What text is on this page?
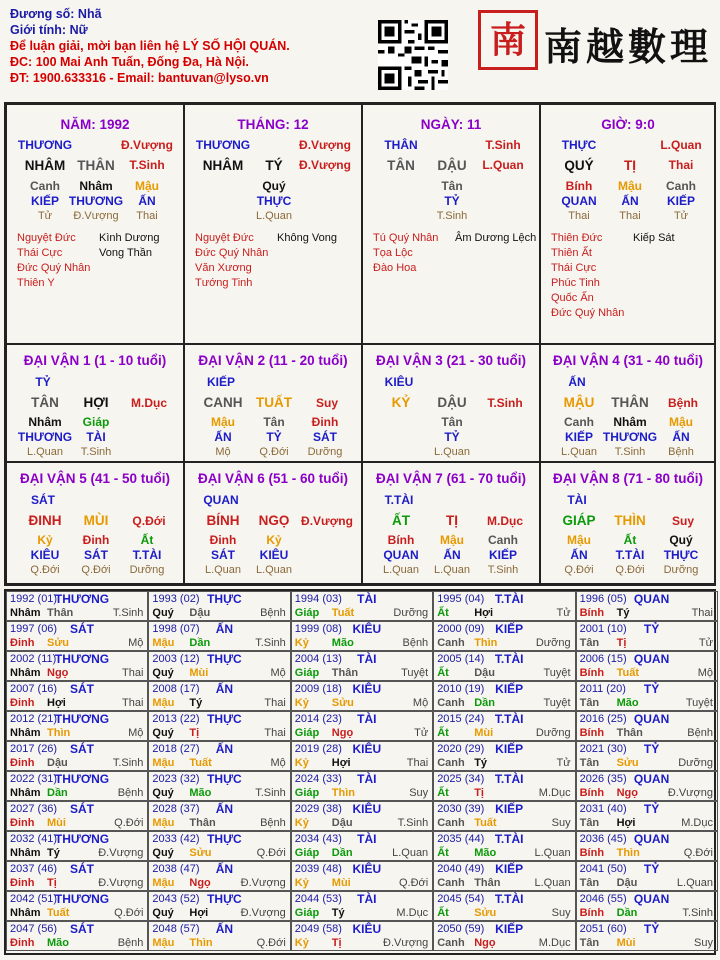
Đương số: Nhã
Giới tính: Nữ
Để luận giải, mời bạn liên hệ LÝ SỐ HỘI QUÁN.
ĐC: 100 Mai Anh Tuấn, Đống Đa, Hà Nội.
ĐT: 1900.633316 - Email: bantuvan@lyso.vn
南 南越數理
NĂM: 1992
THƯƠNG	Đ.Vượng
NHÂM THÂN T.Sinh
Canh Nhâm Mậu
KIẾP THƯƠNG ẤN
Tử Đ.Vượng Thai
Nguyệt Đức
Thái Cực
Đức Quý Nhân
Thiên Y
Kình Dương
Vong Thần
THÁNG: 12
THƯƠNG	Đ.Vượng
NHÂM TÝ Đ.Vượng
Quý
THỰC
L.Quan
Nguyệt Đức
Đức Quý Nhân
Văn Xương
Tướng Tinh
Không Vong
NGÀY: 11
THÂN	T.Sinh
TÂN DẬU L.Quan
Tân
TỶ
T.Sinh
Tú Quý Nhân
Tọa Lộc
Đào Hoa
Âm Dương Lệch
GIỜ: 9:0
THỰC	L.Quan
QUÝ TỊ	Thai
Bính Mậu Canh
QUAN ẤN KIẾP
Thai	Thai	Tử
Thiên Đức
Thiên Ất
Thái Cực
Phúc Tinh
Quốc Ấn
Đức Quý Nhân
Kiếp Sát
ĐẠI VẬN 1 (1 - 10 tuổi)
TỶ
TÂN HỢI M.Dục
Nhâm Giáp
THƯƠNG TÀI
L.Quan T.Sinh
ĐẠI VẬN 2 (11 - 20 tuổi)
KIẾP
CANH TUẤT Suy
Mậu Tân Đinh
ẤN	TỶ	SÁT
Mộ	Q.Đới Dưỡng
ĐẠI VẬN 3 (21 - 30 tuổi)
KIÊU
KỶ DẬU T.Sinh
Tân
TỶ
L.Quan
ĐẠI VẬN 4 (31 - 40 tuổi)
ẤN
MẬU THÂN Bệnh
Canh Nhâm Mậu
KIẾP THƯƠNG ẤN
L.Quan T.Sinh Bệnh
ĐẠI VẬN 5 (41 - 50 tuổi)
SÁT
ĐINH MÙI Q.Đới
Kỷ Đinh	Ất
KIÊU SÁT T.TÀI
Q.Đới Q.Đới Dưỡng
ĐẠI VẬN 6 (51 - 60 tuổi)
QUAN
BÍNH NGỌ Đ.Vượng
Đinh Kỷ
SÁT KIÊU
L.Quan L.Quan
ĐẠI VẬN 7 (61 - 70 tuổi)
T.TÀI
ẤT	TỊ M.Dục
Bính Mậu Canh
QUAN ẤN KIẾP
L.Quan L.Quan T.Sinh
ĐẠI VẬN 8 (71 - 80 tuổi)
TÀI
GIÁP THÌN Suy
Mậu	Ất	Quý
ẤN T.TÀI THỰC
Q.Đới Q.Đới Dưỡng
1992 (01)
THƯƠNG
Nhâm Thân	T.Sinh
1993 (02) THỰC
Quý Dậu	Bệnh
1994 (03) TÀI
Giáp Tuất	Dưỡng
1995 (04) T.TÀI
Ất Hợi	Tử
1996 (05) QUAN
Bính Tý	Thai
1997 (06) SÁT
Đinh Sửu	Mộ
1998 (07) ẤN
Mậu Dần	T.Sinh
1999 (08) KIÊU
Kỷ Mão	Bệnh
2000 (09) KIẾP
Canh Thìn	Dưỡng
2001 (10) TỶ
Tân Tị	Tử
2002 (11)
THƯƠNG
Nhâm Ngọ	Thai
2003 (12) THỰC
Quý Mùi	Mộ
2004 (13) TÀI
Giáp Thân	Tuyệt
2005 (14) T.TÀI
Ất Dậu	Tuyệt
2006 (15) QUAN
Bính Tuất	Mộ
2007 (16) SÁT
Đinh Hợi	Thai
2008 (17) ẤN
Mậu Tý	Thai
2009 (18) KIÊU
Kỷ Sửu	Mộ
2010 (19) KIẾP
Canh Dần	Tuyệt
2011 (20) TỶ
Tân Mão	Tuyệt
2012 (21)
THƯƠNG
Nhâm Thìn	Mộ
2013 (22) THỰC
Quý Tị	Thai
2014 (23) TÀI
Giáp Ngọ	Tử
2015 (24) T.TÀI
Ất Mùi	Dưỡng
2016 (25) QUAN
Bính Thân	Bệnh
2017 (26) SÁT
Đinh Dậu	T.Sinh
2018 (27) ẤN
Mậu Tuất	Mộ
2019 (28) KIÊU
Kỷ Hợi	Thai
2020 (29) KIẾP
Canh Tý	Tử
2021 (30) TỶ
Tân Sửu	Dưỡng
2022 (31)
THƯƠNG
Nhâm Dần	Bệnh
2023 (32) THỰC
Quý Mão	T.Sinh
2024 (33) TÀI
Giáp Thìn	Suy
2025 (34) T.TÀI
Ất Tị	M.Dục
2026 (35) QUAN
Bính Ngọ	Đ.Vượng
2027 (36) SÁT
Đinh Mùi	Q.Đới
2028 (37) ẤN
Mậu Thân	Bệnh
2029 (38) KIÊU
Kỷ Dậu	T.Sinh
2030 (39) KIẾP
Canh Tuất	Suy
2031 (40) TỶ
Tân Hợi	M.Dục
2032 (41)
THƯƠNG
Nhâm Tý	Đ.Vượng
2033 (42) THỰC
Quý Sửu	Q.Đới
2034 (43) TÀI
Giáp Dần	L.Quan
2035 (44) T.TÀI
Ất Mão	L.Quan
2036 (45) QUAN
Bính Thìn	Q.Đới
2037 (46) SÁT
Đinh Tị	Đ.Vượng
2038 (47) ẤN
Mậu Ngọ	Đ.Vượng
2039 (48) KIÊU
Kỷ Mùi	Q.Đới
2040 (49) KIẾP
Canh Thân	L.Quan
2041 (50) TỶ
Tân Dậu	L.Quan
2042 (51)
THƯƠNG
Nhâm Tuất	Q.Đới
2043 (52) THỰC
Quý Hợi	Đ.Vượng
2044 (53) TÀI
Giáp Tý	M.Dục
2045 (54) T.TÀI
Ất Sửu	Suy
2046 (55) QUAN
Bính Dần	T.Sinh
2047 (56) SÁT
Đinh Mão	Bệnh
2048 (57) ẤN
Mậu Thìn	Q.Đới
2049 (58) KIÊU
Kỷ Tị	Đ.Vượng
2050 (59) KIẾP
Canh Ngọ	M.Dục
2051 (60) TỶ
Tân Mùi	Suy
